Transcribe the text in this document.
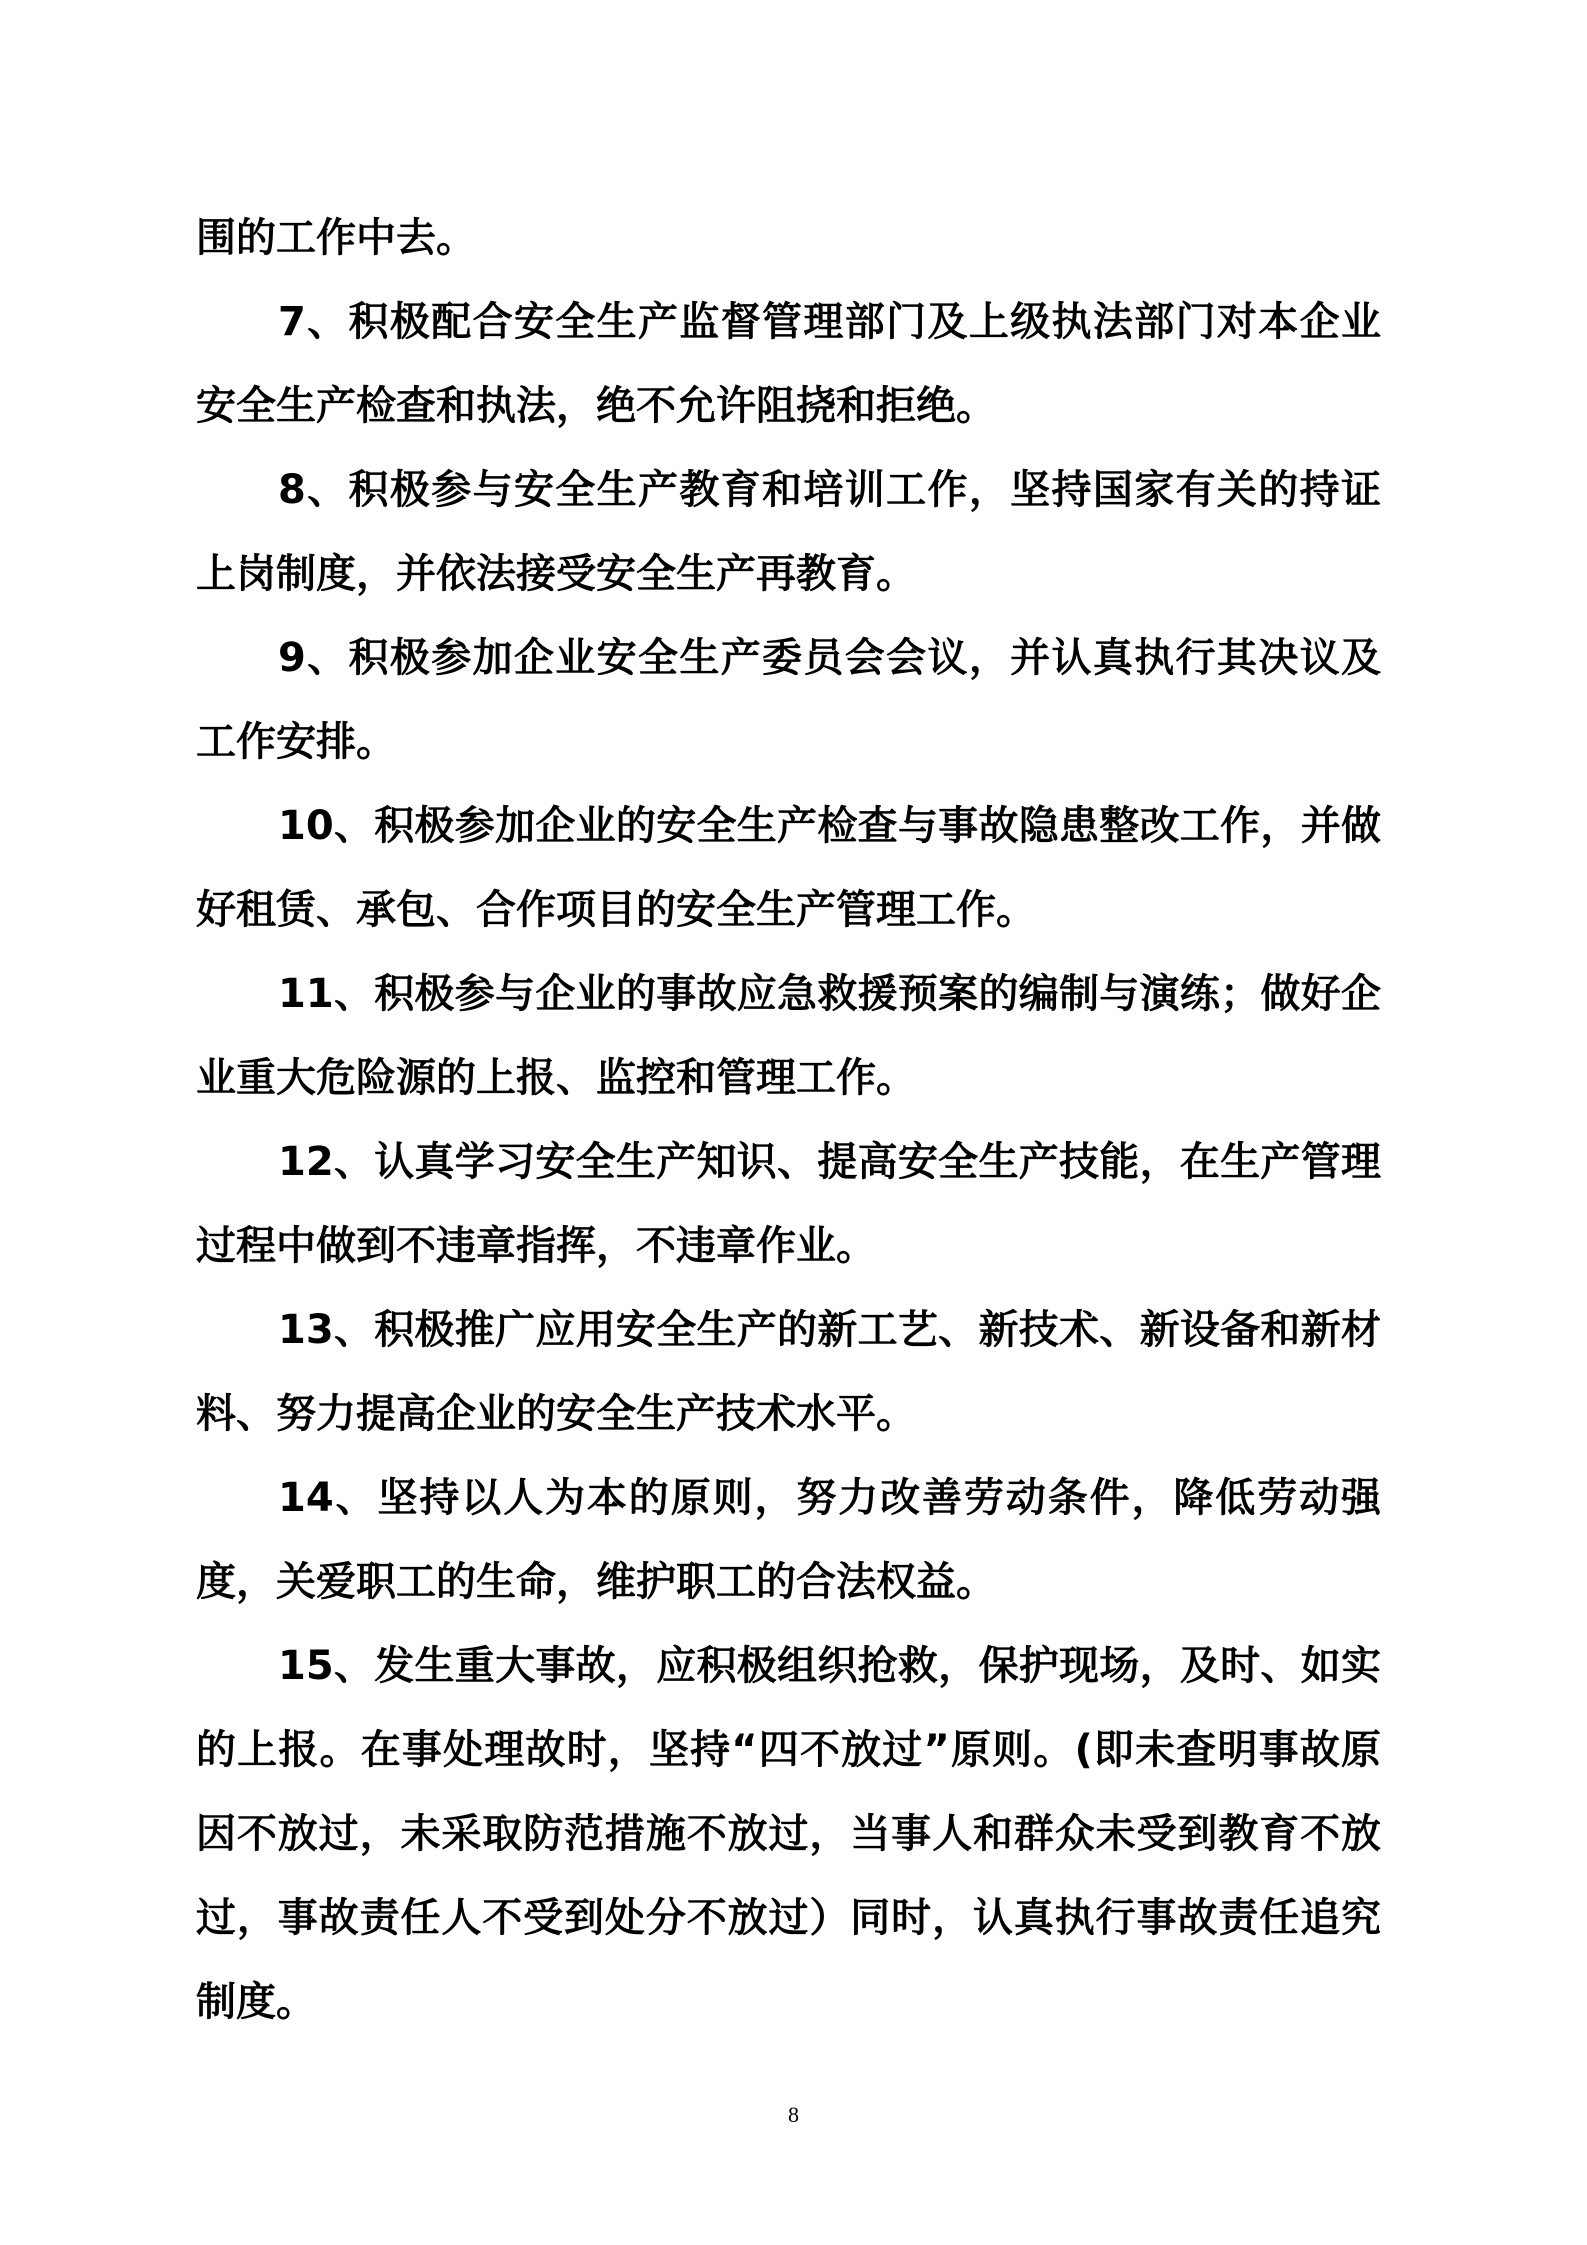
围的工作中去。

7、积极配合安全生产监督管理部门及上级执法部门对本企业安全生产检查和执法，绝不允许阻挠和拒绝。

8、积极参与安全生产教育和培训工作，坚持国家有关的持证上岗制度，并依法接受安全生产再教育。

9、积极参加企业安全生产委员会会议，并认真执行其决议及工作安排。

10、积极参加企业的安全生产检查与事故隐患整改工作，并做好租赁、承包、合作项目的安全生产管理工作。

11、积极参与企业的事故应急救援预案的编制与演练；做好企业重大危险源的上报、监控和管理工作。

12、认真学习安全生产知识、提高安全生产技能，在生产管理过程中做到不违章指挥，不违章作业。

13、积极推广应用安全生产的新工艺、新技术、新设备和新材料、努力提高企业的安全生产技术水平。

14、坚持以人为本的原则，努力改善劳动条件，降低劳动强度，关爱职工的生命，维护职工的合法权益。

15、发生重大事故，应积极组织抢救，保护现场，及时、如实的上报。在事处理故时，坚持“四不放过”原则。(即未查明事故原因不放过，未采取防范措施不放过，当事人和群众未受到教育不放过，事故责任人不受到处分不放过）同时，认真执行事故责任追究制度。

8
